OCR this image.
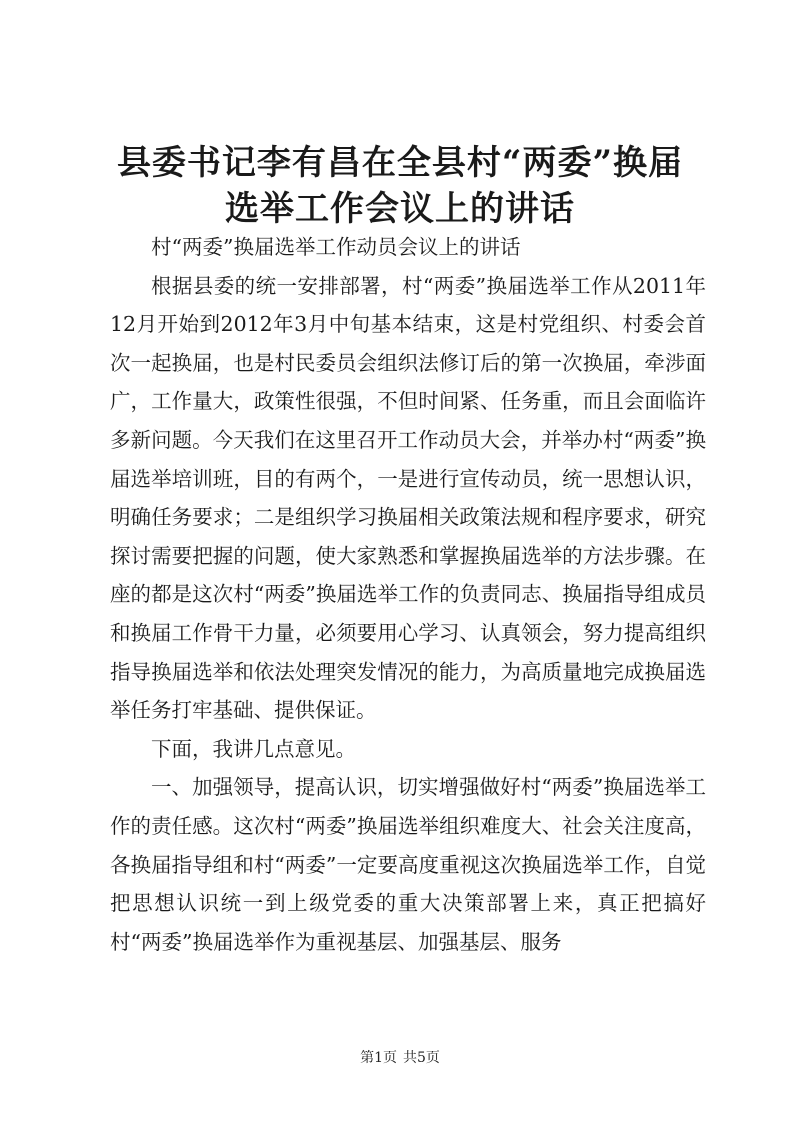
县委书记李有昌在全县村“两委”换届选举工作会议上的讲话

村“两委”换届选举工作动员会议上的讲话

根据县委的统一安排部署，村“两委”换届选举工作从2011年12月开始到2012年3月中旬基本结束，这是村党组织、村委会首次一起换届，也是村民委员会组织法修订后的第一次换届，牵涉面广，工作量大，政策性很强，不但时间紧、任务重，而且会面临许多新问题。今天我们在这里召开工作动员大会，并举办村“两委”换届选举培训班，目的有两个，一是进行宣传动员，统一思想认识，明确任务要求；二是组织学习换届相关政策法规和程序要求，研究探讨需要把握的问题，使大家熟悉和掌握换届选举的方法步骤。在座的都是这次村“两委”换届选举工作的负责同志、换届指导组成员和换届工作骨干力量，必须要用心学习、认真领会，努力提高组织指导换届选举和依法处理突发情况的能力，为高质量地完成换届选举任务打牢基础、提供保证。

下面，我讲几点意见。

一、加强领导，提高认识，切实增强做好村“两委”换届选举工作的责任感。这次村“两委”换届选举组织难度大、社会关注度高，各换届指导组和村“两委”一定要高度重视这次换届选举工作，自觉把思想认识统一到上级党委的重大决策部署上来，真正把搞好村“两委”换届选举作为重视基层、加强基层、服务

第1页 共5页
